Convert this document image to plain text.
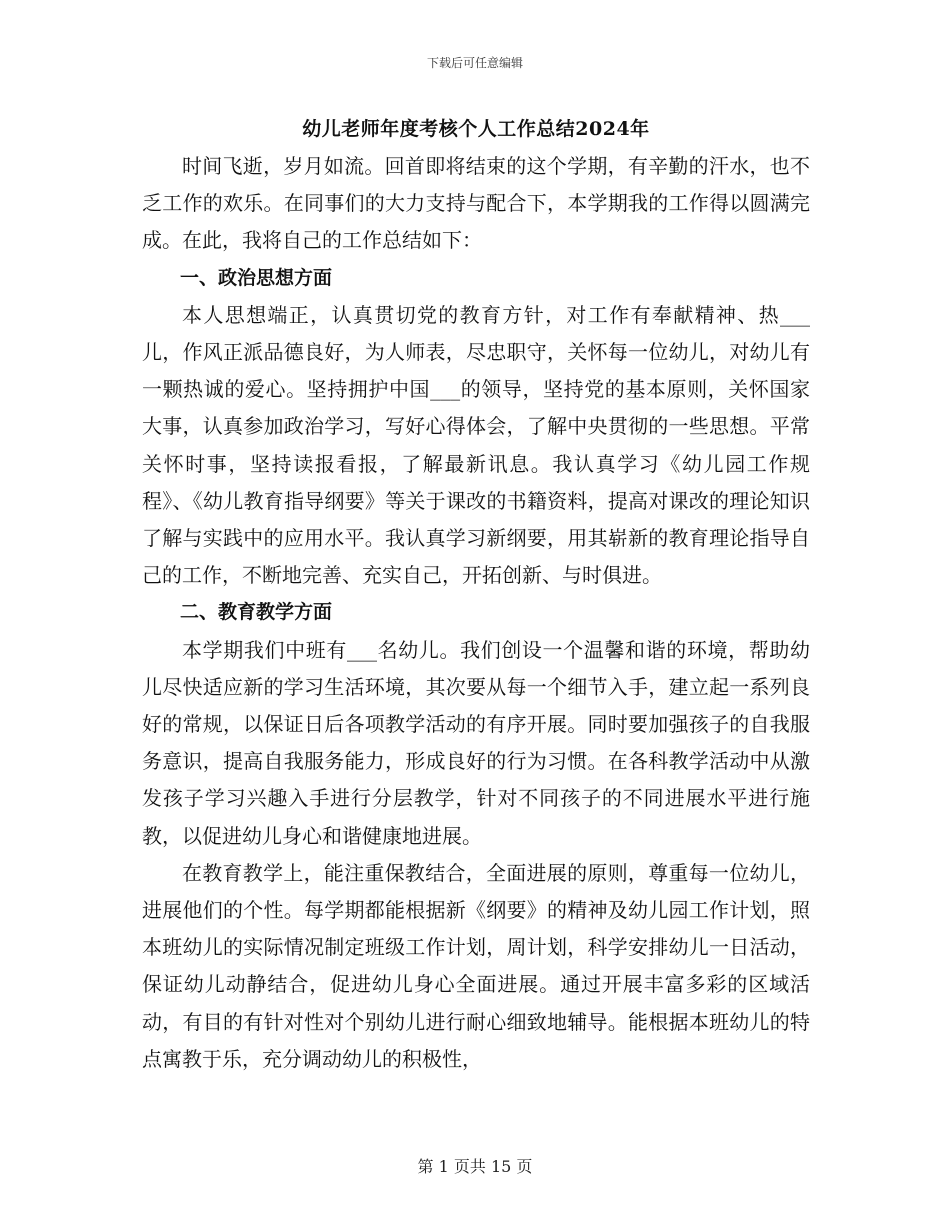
下载后可任意编辑
幼儿老师年度考核个人工作总结2024年

时间飞逝，岁月如流。回首即将结束的这个学期，有辛勤的汗水，也不乏工作的欢乐。在同事们的大力支持与配合下，本学期我的工作得以圆满完成。在此，我将自己的工作总结如下：

一、政治思想方面

本人思想端正，认真贯切党的教育方针，对工作有奉献精神、热___儿，作风正派品德良好，为人师表，尽忠职守，关怀每一位幼儿，对幼儿有一颗热诚的爱心。坚持拥护中国___的领导，坚持党的基本原则，关怀国家大事，认真参加政治学习，写好心得体会，了解中央贯彻的一些思想。平常关怀时事，坚持读报看报，了解最新讯息。我认真学习《幼儿园工作规程》、《幼儿教育指导纲要》等关于课改的书籍资料，提高对课改的理论知识了解与实践中的应用水平。我认真学习新纲要，用其崭新的教育理论指导自己的工作，不断地完善、充实自己，开拓创新、与时俱进。

二、教育教学方面

本学期我们中班有___名幼儿。我们创设一个温馨和谐的环境，帮助幼儿尽快适应新的学习生活环境，其次要从每一个细节入手，建立起一系列良好的常规，以保证日后各项教学活动的有序开展。同时要加强孩子的自我服务意识，提高自我服务能力，形成良好的行为习惯。在各科教学活动中从激发孩子学习兴趣入手进行分层教学，针对不同孩子的不同进展水平进行施教，以促进幼儿身心和谐健康地进展。

在教育教学上，能注重保教结合，全面进展的原则，尊重每一位幼儿，进展他们的个性。每学期都能根据新《纲要》的精神及幼儿园工作计划，照本班幼儿的实际情况制定班级工作计划，周计划，科学安排幼儿一日活动，保证幼儿动静结合，促进幼儿身心全面进展。通过开展丰富多彩的区域活动，有目的有针对性对个别幼儿进行耐心细致地辅导。能根据本班幼儿的特点寓教于乐，充分调动幼儿的积极性，

第 1 页共 15 页
